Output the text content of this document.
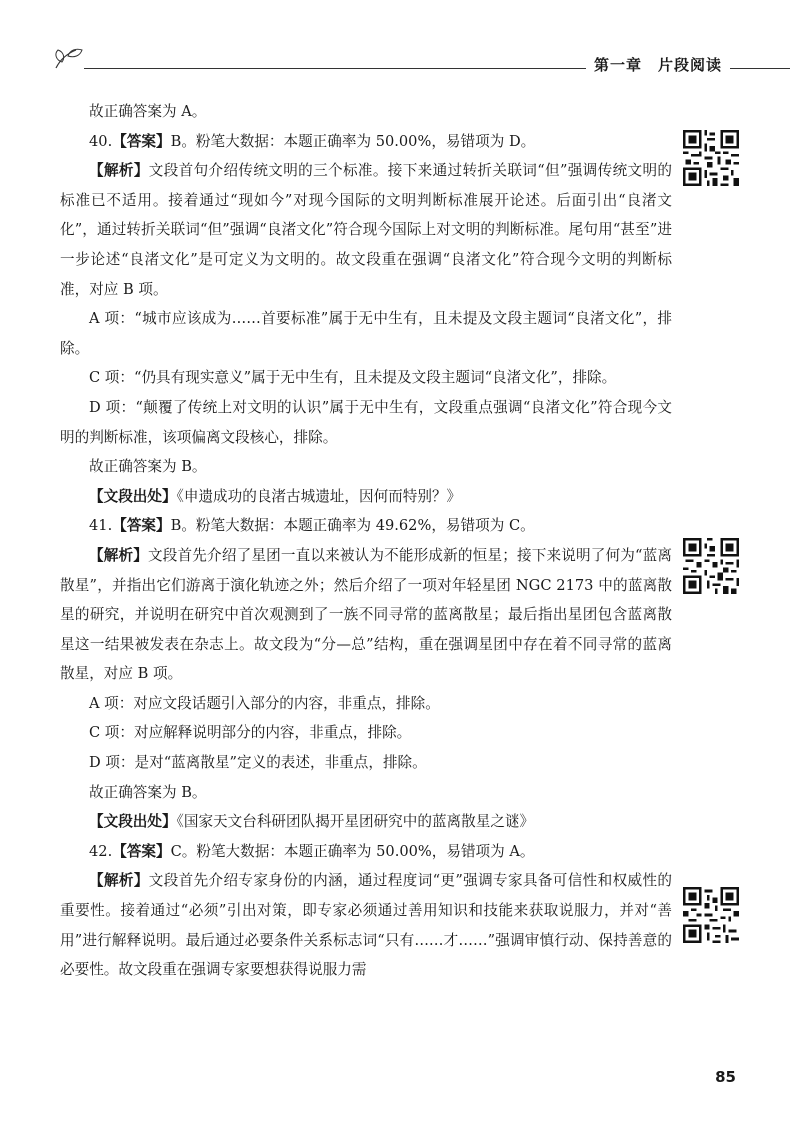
第一章　片段阅读

故正确答案为 A。

40.【答案】B。粉笔大数据：本题正确率为 50.00%，易错项为 D。

【解析】文段首句介绍传统文明的三个标准。接下来通过转折关联词“但”强调传统文明的标准已不适用。接着通过“现如今”对现今国际的文明判断标准展开论述。后面引出“良渚文化”，通过转折关联词“但”强调“良渚文化”符合现今国际上对文明的判断标准。尾句用“甚至”进一步论述“良渚文化”是可定义为文明的。故文段重在强调“良渚文化”符合现今文明的判断标准，对应 B 项。

A 项：“城市应该成为……首要标准”属于无中生有，且未提及文段主题词“良渚文化”，排除。

C 项：“仍具有现实意义”属于无中生有，且未提及文段主题词“良渚文化”，排除。

D 项：“颠覆了传统上对文明的认识”属于无中生有，文段重点强调“良渚文化”符合现今文明的判断标准，该项偏离文段核心，排除。

故正确答案为 B。

【文段出处】《申遗成功的良渚古城遗址，因何而特别？》

41.【答案】B。粉笔大数据：本题正确率为 49.62%，易错项为 C。

【解析】文段首先介绍了星团一直以来被认为不能形成新的恒星；接下来说明了何为“蓝离散星”，并指出它们游离于演化轨迹之外；然后介绍了一项对年轻星团 NGC 2173 中的蓝离散星的研究，并说明在研究中首次观测到了一族不同寻常的蓝离散星；最后指出星团包含蓝离散星这一结果被发表在杂志上。故文段为“分—总”结构，重在强调星团中存在着不同寻常的蓝离散星，对应 B 项。

A 项：对应文段话题引入部分的内容，非重点，排除。

C 项：对应解释说明部分的内容，非重点，排除。

D 项：是对“蓝离散星”定义的表述，非重点，排除。

故正确答案为 B。

【文段出处】《国家天文台科研团队揭开星团研究中的蓝离散星之谜》

42.【答案】C。粉笔大数据：本题正确率为 50.00%，易错项为 A。

【解析】文段首先介绍专家身份的内涵，通过程度词“更”强调专家具备可信性和权威性的重要性。接着通过“必须”引出对策，即专家必须通过善用知识和技能来获取说服力，并对“善用”进行解释说明。最后通过必要条件关系标志词“只有……才……”强调审慎行动、保持善意的必要性。故文段重在强调专家要想获得说服力需

85
